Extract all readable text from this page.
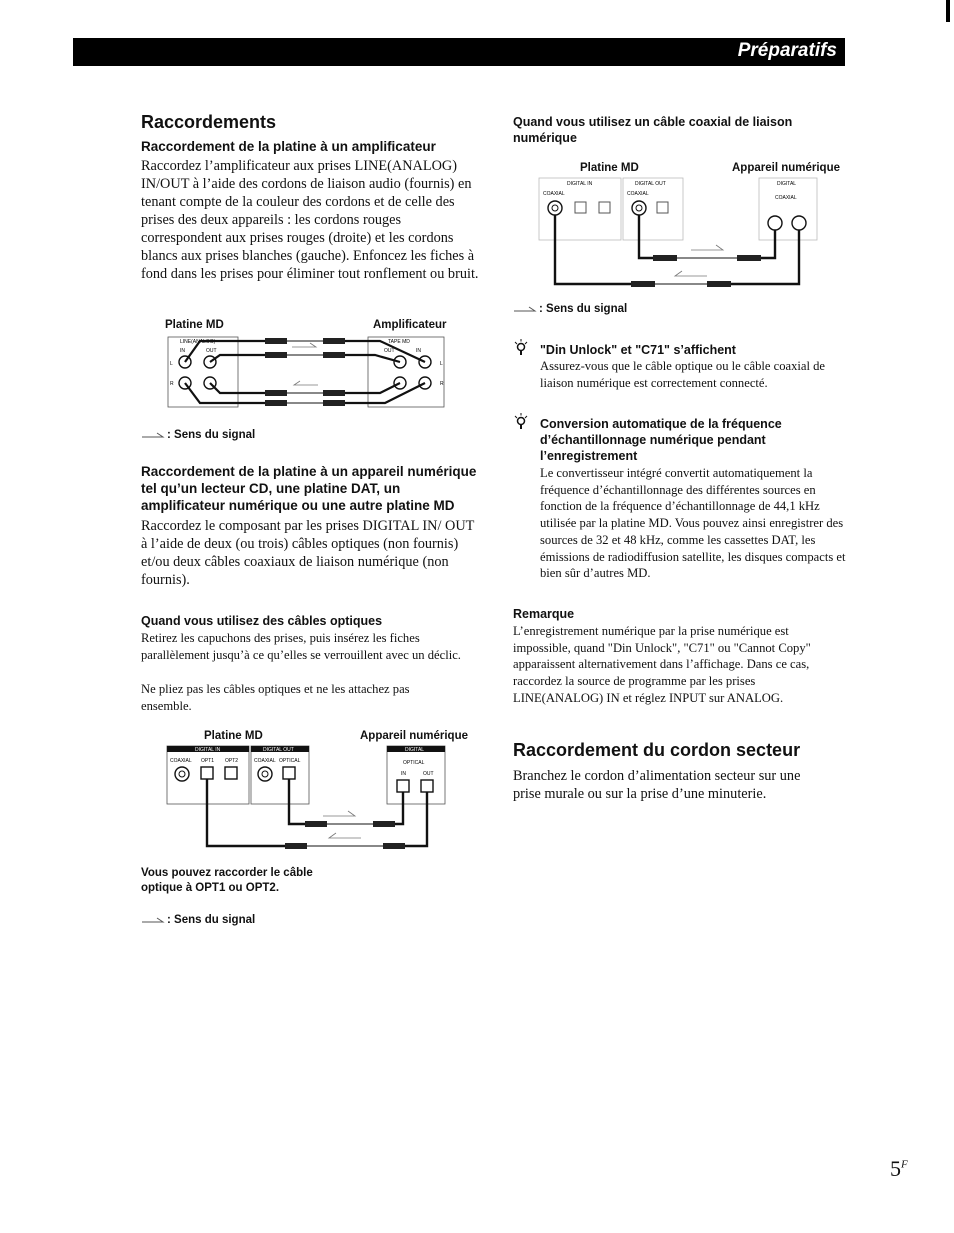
Préparatifs
Raccordements
Raccordement de la platine à un amplificateur
Raccordez l’amplificateur aux prises LINE(ANALOG) IN/OUT à l’aide des cordons de liaison audio (fournis) en tenant compte de la couleur des cordons et de celle des prises des deux appareils : les cordons rouges correspondent aux prises rouges (droite) et les cordons blancs aux prises blanches (gauche). Enfoncez les fiches à fond dans les prises pour éliminer tout ronflement ou bruit.
Platine MD	Amplificateur
LINE(ANALOG)	TAPE MD
IN	OUT	OUT	IN
L
R
L
R
: Sens du signal
Raccordement de la platine à un appareil numérique tel qu’un lecteur CD, une platine DAT, un amplificateur numérique ou une autre platine MD
Raccordez le composant par les prises DIGITAL IN/ OUT à l’aide de deux (ou trois) câbles optiques (non fournis) et/ou deux câbles coaxiaux de liaison numérique (non fournis).
Quand vous utilisez des câbles optiques
Retirez les capuchons des prises, puis insérez les fiches parallèlement jusqu’à ce qu’elles se verrouillent avec un déclic.
Ne pliez pas les câbles optiques et ne les attachez pas ensemble.
Platine MD	Appareil numérique
DIGITAL IN	DIGITAL OUT	DIGITAL
COAXIAL OPT1 OPT2	COAXIAL OPTICAL	OPTICAL
IN	OUT
Vous pouvez raccorder le câble optique à OPT1 ou OPT2.
: Sens du signal
Quand vous utilisez un câble coaxial de liaison numérique
Platine MD	Appareil numérique
DIGITAL IN	DIGITAL OUT	DIGITAL
COAXIAL	COAXIAL
COAXIAL
: Sens du signal
"Din Unlock" et "C71" s’affichent
Assurez-vous que le câble optique ou le câble coaxial de liaison numérique est correctement connecté.
Conversion automatique de la fréquence d’échantillonnage numérique pendant l’enregistrement
Le convertisseur intégré convertit automatiquement la fréquence d’échantillonnage des différentes sources en fonction de la fréquence d’échantillonnage de 44,1 kHz utilisée par la platine MD. Vous pouvez ainsi enregistrer des sources de 32 et 48 kHz, comme les cassettes DAT, les émissions de radiodiffusion satellite, les disques compacts et bien sûr d’autres MD.
Remarque
L’enregistrement numérique par la prise numérique est impossible, quand "Din Unlock", "C71" ou "Cannot Copy" apparaissent alternativement dans l’affichage. Dans ce cas, raccordez la source de programme par les prises LINE(ANALOG) IN et réglez INPUT sur ANALOG.
Raccordement du cordon secteur
Branchez le cordon d’alimentation secteur sur une prise murale ou sur la prise d’une minuterie.
$5^F$
